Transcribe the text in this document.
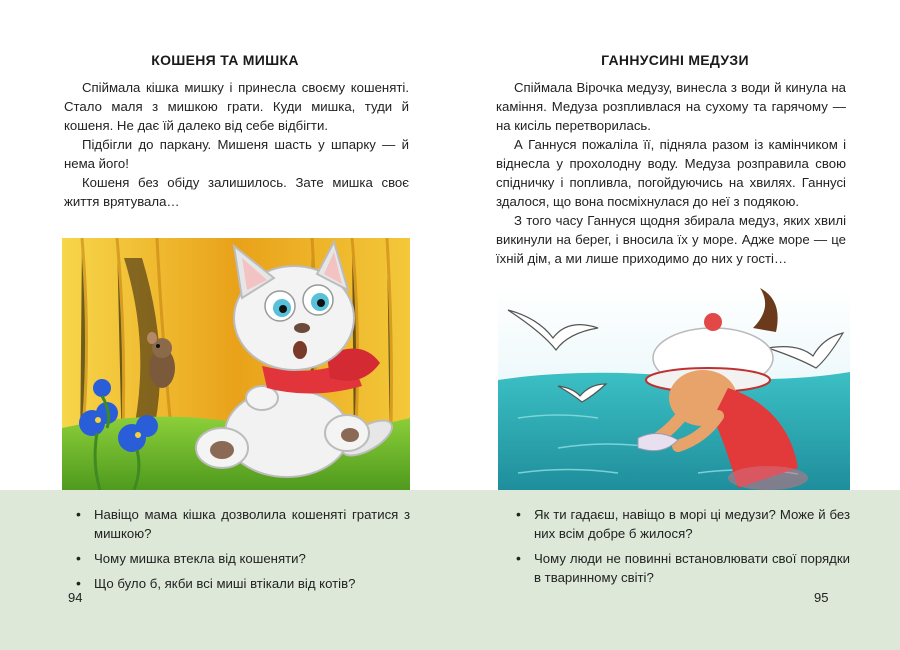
КОШЕНЯ ТА МИШКА

Спіймала кішка мишку і принесла своєму кошеняті. Стало маля з мишкою грати. Куди мишка, туди й кошеня. Не дає їй далеко від себе відбігти.

Підбігли до паркану. Мишеня шасть у шпарку — й нема його!

Кошеня без обіду залишилось. Зате мишка своє життя врятувала…

• Навіщо мама кішка дозволила кошеняті гратися з мишкою?
• Чому мишка втекла від кошеняти?
• Що було б, якби всі миші втікали від котів?
94
ГАННУСИНІ МЕДУЗИ

Спіймала Вірочка медузу, винесла з води й кинула на каміння. Медуза розпливлася на сухому та гарячому — на кисіль перетворилась.

А Ганнуся пожаліла її, підняла разом із камінчиком і віднесла у прохолодну воду. Медуза розправила свою спідничку і попливла, погойдуючись на хвилях. Ганнусі здалося, що вона посміхнулася до неї з подякою.

З того часу Ганнуся щодня збирала медуз, яких хвилі викинули на берег, і вносила їх у море. Адже море — це їхній дім, а ми лише приходимо до них у гості…

• Як ти гадаєш, навіщо в морі ці медузи? Може й без них всім добре б жилося?
• Чому люди не повинні встановлювати свої порядки в тваринному світі?
95
